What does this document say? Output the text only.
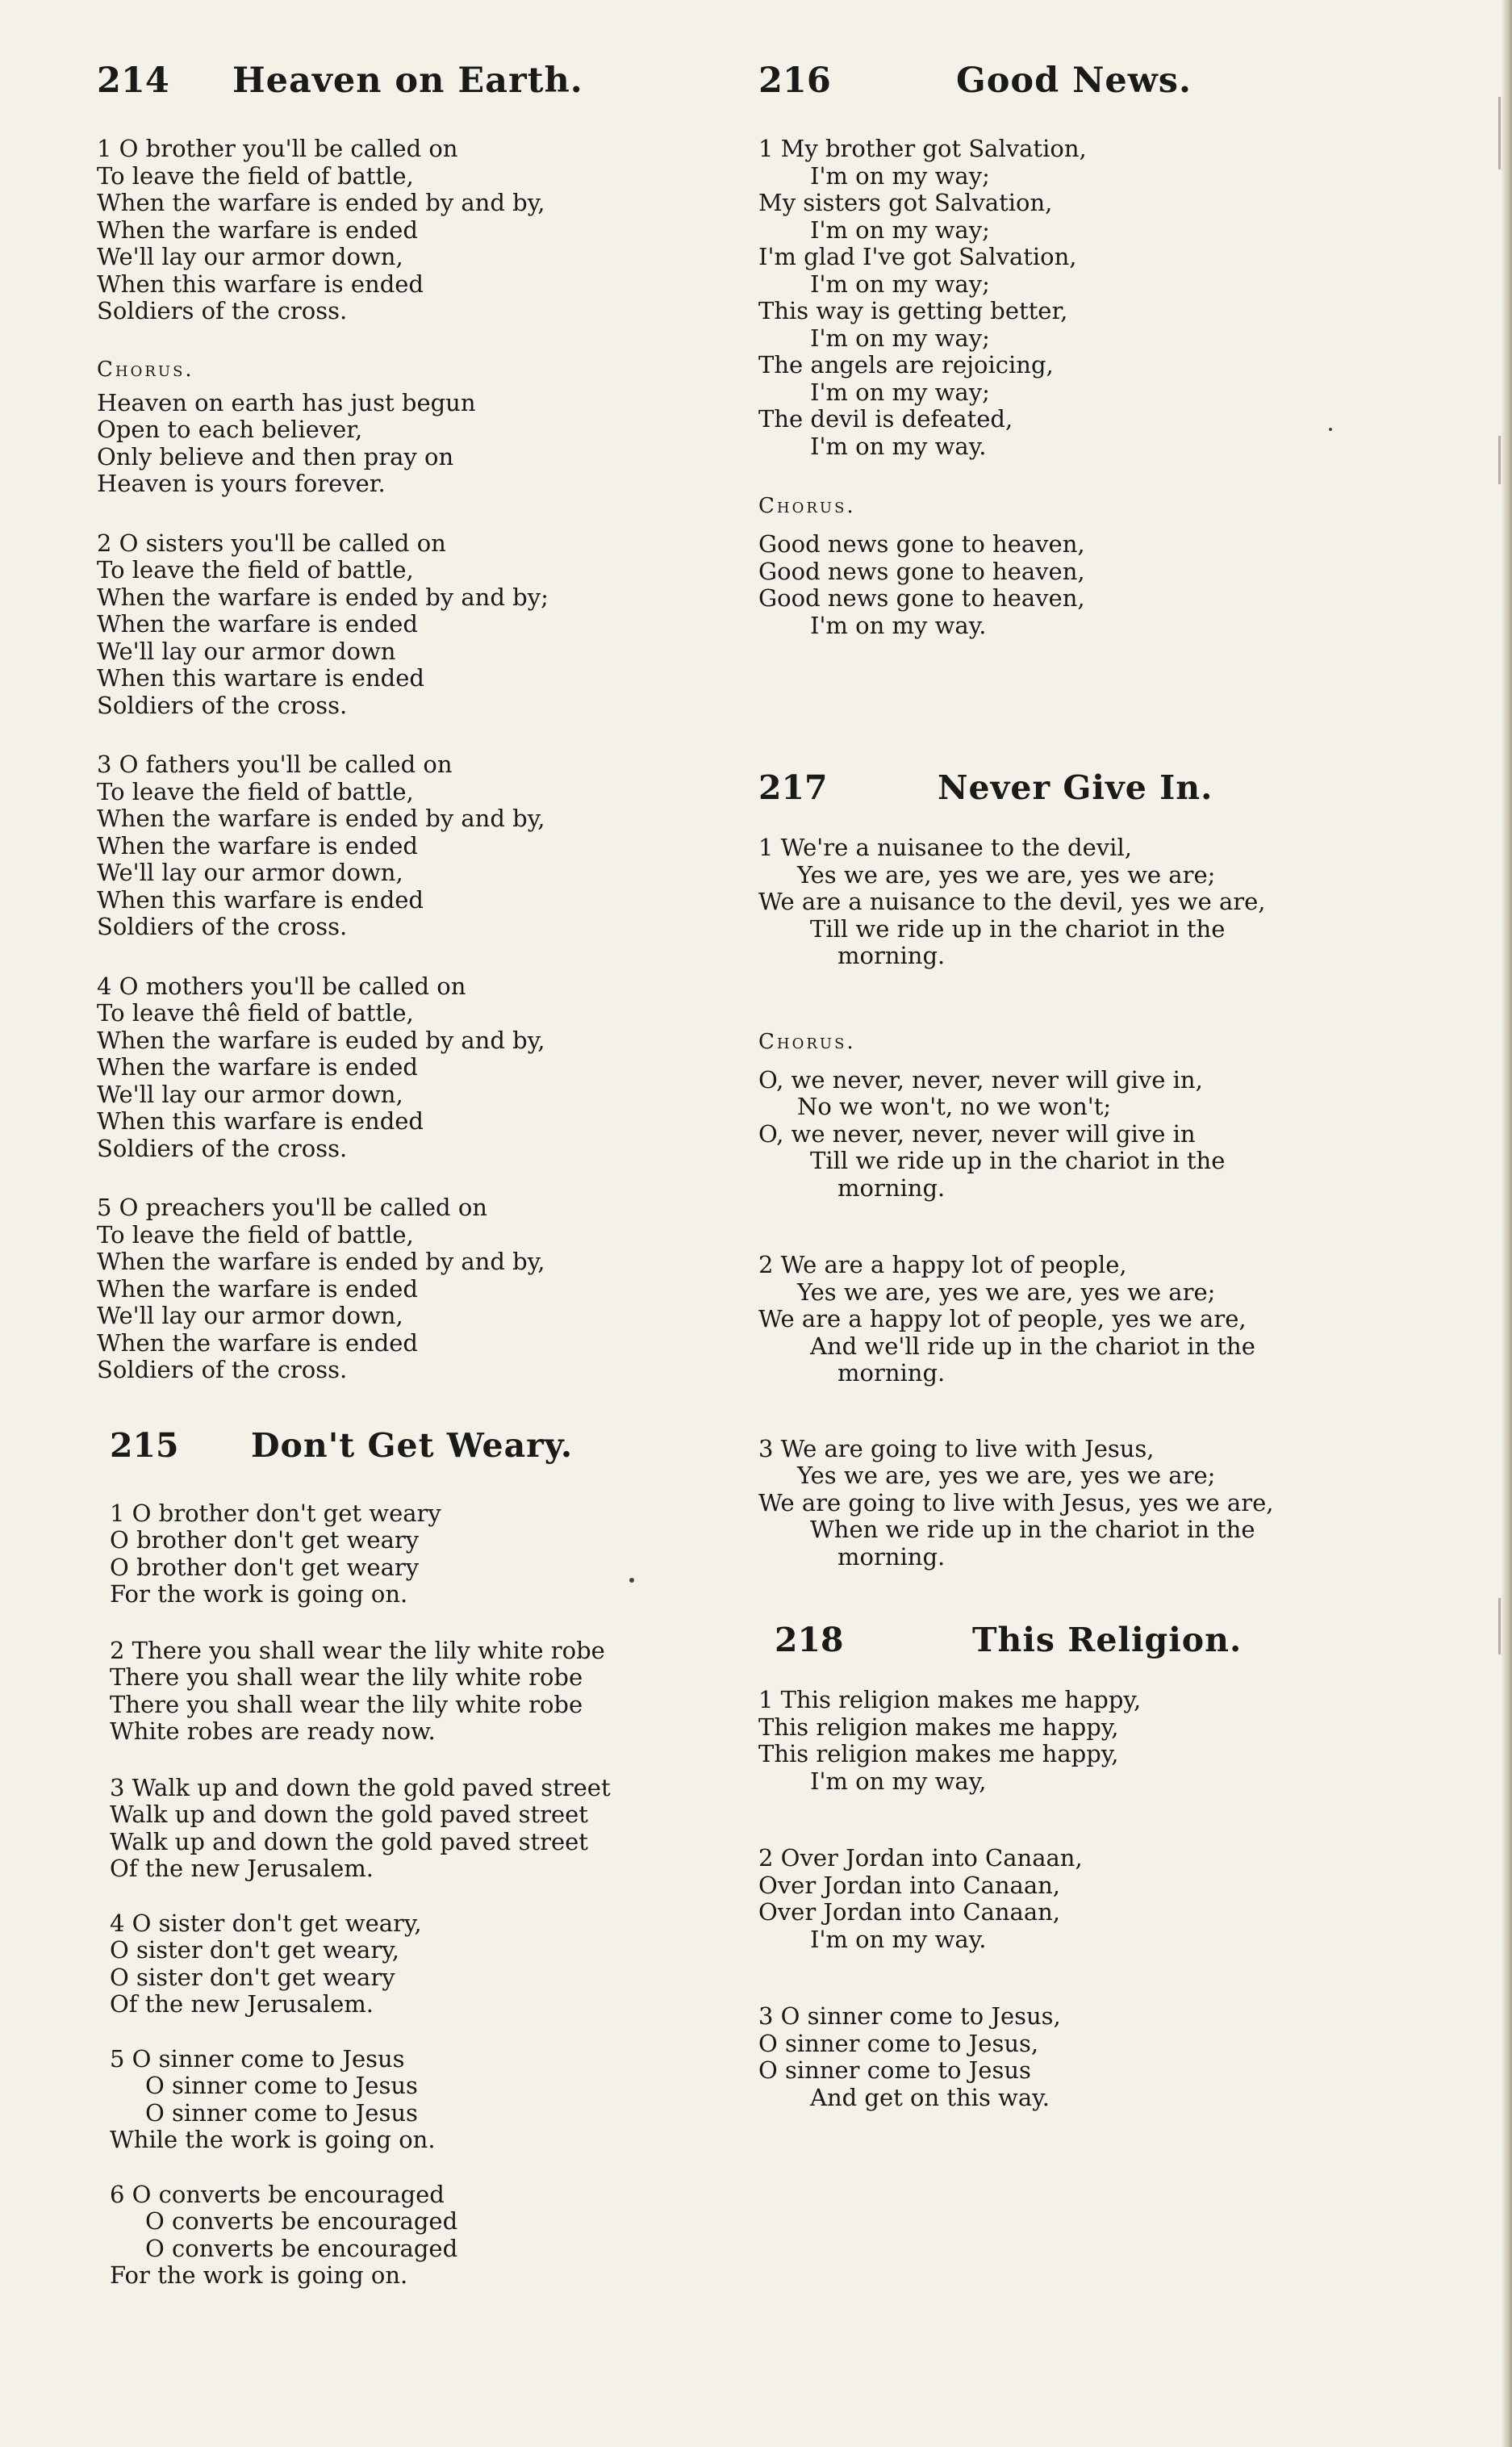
214	Heaven on Earth.
1 O brother you'll be called on
To leave the field of battle,
When the warfare is ended by and by,
When the warfare is ended
We'll lay our armor down,
When this warfare is ended
Soldiers of the cross.
Chorus.
Heaven on earth has just begun
Open to each believer,
Only believe and then pray on
Heaven is yours forever.
2 O sisters you'll be called on
To leave the field of battle,
When the warfare is ended by and by;
When the warfare is ended
We'll lay our armor down
When this wartare is ended
Soldiers of the cross.
3 O fathers you'll be called on
To leave the field of battle,
When the warfare is ended by and by,
When the warfare is ended
We'll lay our armor down,
When this warfare is ended
Soldiers of the cross.
4 O mothers you'll be called on
To leave thê field of battle,
When the warfare is euded by and by,
When the warfare is ended
We'll lay our armor down,
When this warfare is ended
Soldiers of the cross.
5 O preachers you'll be called on
To leave the field of battle,
When the warfare is ended by and by,
When the warfare is ended
We'll lay our armor down,
When the warfare is ended
Soldiers of the cross.
215	Don't Get Weary.
1 O brother don't get weary
O brother don't get weary
O brother don't get weary
For the work is going on.
2 There you shall wear the lily white robe
There you shall wear the lily white robe
There you shall wear the lily white robe
White robes are ready now.
3 Walk up and down the gold paved street
Walk up and down the gold paved street
Walk up and down the gold paved street
Of the new Jerusalem.
4 O sister don't get weary,
O sister don't get weary,
O sister don't get weary
Of the new Jerusalem.
5 O sinner come to Jesus
O sinner come to Jesus
O sinner come to Jesus
While the work is going on.
6 O converts be encouraged
O converts be encouraged
O converts be encouraged
For the work is going on.
216	Good News.
1 My brother got Salvation,
I'm on my way;
My sisters got Salvation,
I'm on my way;
I'm glad I've got Salvation,
I'm on my way;
This way is getting better,
I'm on my way;
The angels are rejoicing,
I'm on my way;
The devil is defeated,
I'm on my way.
Chorus.
Good news gone to heaven,
Good news gone to heaven,
Good news gone to heaven,
I'm on my way.
217	Never Give In.
1 We're a nuisanee to the devil,
Yes we are, yes we are, yes we are;
We are a nuisance to the devil, yes we are,
Till we ride up in the chariot in the
morning.
Chorus.
O, we never, never, never will give in,
No we won't, no we won't;
O, we never, never, never will give in
Till we ride up in the chariot in the
morning.
2 We are a happy lot of people,
Yes we are, yes we are, yes we are;
We are a happy lot of people, yes we are,
And we'll ride up in the chariot in the
morning.
3 We are going to live with Jesus,
Yes we are, yes we are, yes we are;
We are going to live with Jesus, yes we are,
When we ride up in the chariot in the
morning.
218	This Religion.
1 This religion makes me happy,
This religion makes me happy,
This religion makes me happy,
I'm on my way,
2 Over Jordan into Canaan,
Over Jordan into Canaan,
Over Jordan into Canaan,
I'm on my way.
3 O sinner come to Jesus,
O sinner come to Jesus,
O sinner come to Jesus
And get on this way.
